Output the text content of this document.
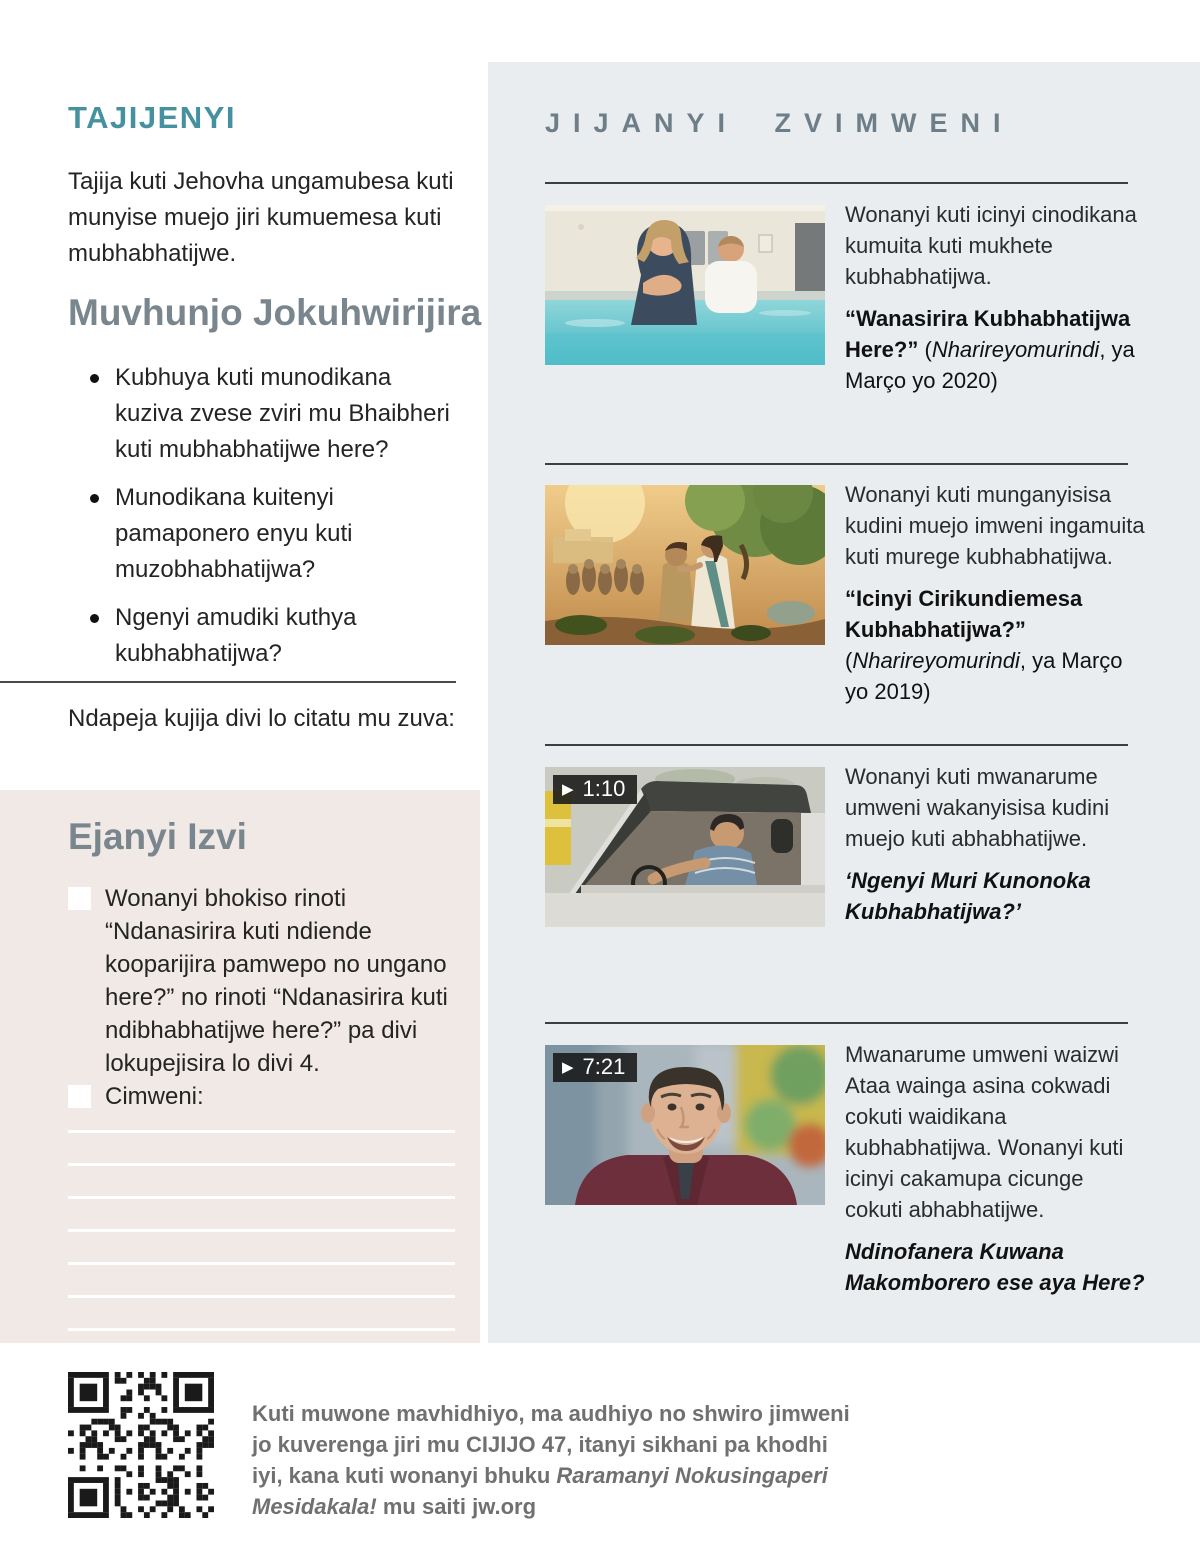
TAJIJENYI
Tajija kuti Jehovha ungamubesa kuti munyise muejo jiri kumuemesa kuti mubhabhatijwe.
Muvhunjo Jokuhwirijira
Kubhuya kuti munodikana kuziva zvese zviri mu Bhaibheri kuti mubhabhatijwe here?
Munodikana kuitenyi pamaponero enyu kuti muzobhabhatijwa?
Ngenyi amudiki kuthya kubhabhatijwa?
Ndapeja kujija divi lo citatu mu zuva:
Ejanyi Izvi
Wonanyi bhokiso rinoti “Ndanasirira kuti ndiende kooparijira pamwepo no ungano here?” no rinoti “Ndanasirira kuti ndibhabhatijwe here?” pa divi lokupejisira lo divi 4.
Cimweni:
JIJANYI ZVIMWENI

Wonanyi kuti icinyi cinodikana kumuita kuti mukhete kubhabhatijwa.

“Wanasirira Kubhabhatijwa Here?” (Nharireyomurindi, ya Março yo 2020)

Wonanyi kuti munganyisisa kudini muejo imweni ingamuita kuti murege kubhabhatijwa.

“Icinyi Cirikundiemesa Kubhabhatijwa?” (Nharireyomurindi, ya Março yo 2019)

▶ 1:10	Wonanyi kuti mwanarume umweni wakanyisisa kudini muejo kuti abhabhatijwe.

‘Ngenyi Muri Kunonoka Kubhabhatijwa?’

▶ 7:21	Mwanarume umweni waizwi Ataa wainga asina cokwadi cokuti waidikana kubhabhatijwa. Wonanyi kuti icinyi cakamupa cicunge cokuti abhabhatijwe.

Ndinofanera Kuwana Makomborero ese aya Here?

Kuti muwone mavhidhiyo, ma audhiyo no shwiro jimweni jo kuverenga jiri mu CIJIJO 47, itanyi sikhani pa khodhi iyi, kana kuti wonanyi bhuku Raramanyi Nokusingaperi Mesidakala! mu saiti jw.org
